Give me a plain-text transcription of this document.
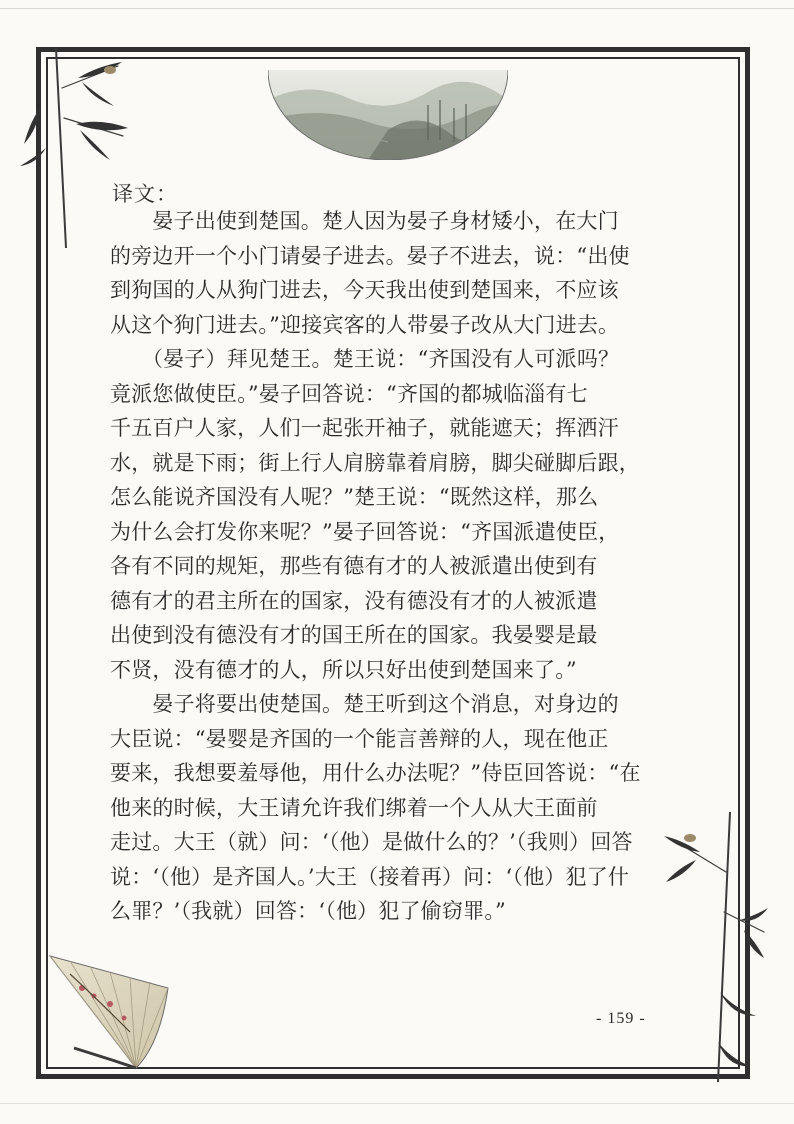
译文：
　　晏子出使到楚国。楚人因为晏子身材矮小，在大门
的旁边开一个小门请晏子进去。晏子不进去，说：“出使
到狗国的人从狗门进去，今天我出使到楚国来，不应该
从这个狗门进去。”迎接宾客的人带晏子改从大门进去。
　　（晏子）拜见楚王。楚王说：“齐国没有人可派吗？
竟派您做使臣。”晏子回答说：“齐国的都城临淄有七
千五百户人家，人们一起张开袖子，就能遮天；挥洒汗
水，就是下雨；街上行人肩膀靠着肩膀，脚尖碰脚后跟，
怎么能说齐国没有人呢？”楚王说：“既然这样，那么
为什么会打发你来呢？”晏子回答说：“齐国派遣使臣，
各有不同的规矩，那些有德有才的人被派遣出使到有
德有才的君主所在的国家，没有德没有才的人被派遣
出使到没有德没有才的国王所在的国家。我晏婴是最
不贤，没有德才的人，所以只好出使到楚国来了。”
　　晏子将要出使楚国。楚王听到这个消息，对身边的
大臣说：“晏婴是齐国的一个能言善辩的人，现在他正
要来，我想要羞辱他，用什么办法呢？”侍臣回答说：“在
他来的时候，大王请允许我们绑着一个人从大王面前
走过。大王（就）问：‘（他）是做什么的？’（我则）回答
说：‘（他）是齐国人。’大王（接着再）问：‘（他）犯了什
么罪？’（我就）回答：‘（他）犯了偷窃罪。”
- 159 -
